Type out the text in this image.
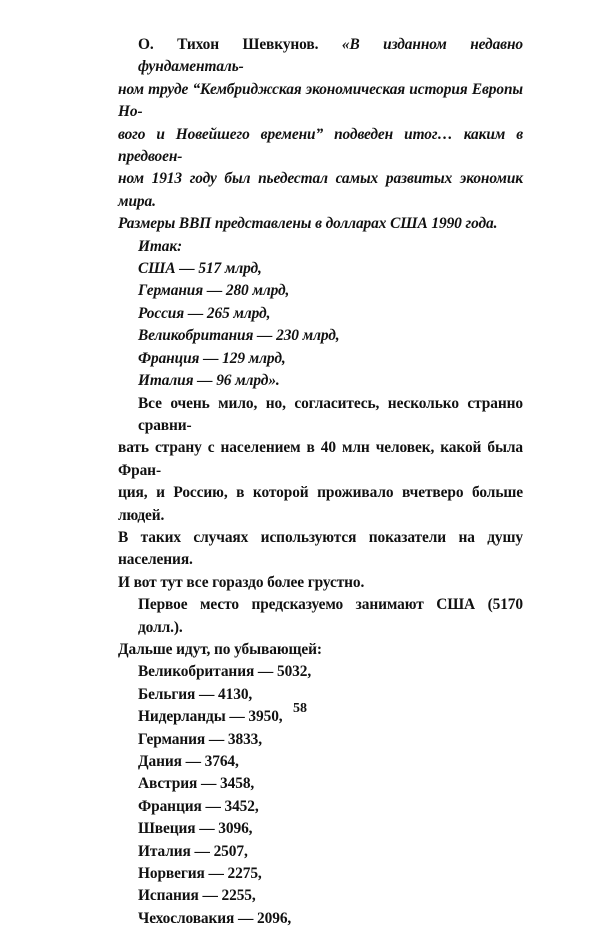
О. Тихон Шевкунов. «В изданном недавно фундаменталь-
ном труде “Кембриджская экономическая история Европы Но-
вого и Новейшего времени” подведен итог… каким в предвоен-
ном 1913 году был пьедестал самых развитых экономик мира.
Размеры ВВП представлены в долларах США 1990 года.
Итак:
США — 517 млрд,
Германия — 280 млрд,
Россия — 265 млрд,
Великобритания — 230 млрд,
Франция — 129 млрд,
Италия — 96 млрд».
Все очень мило, но, согласитесь, несколько странно сравни-
вать страну с населением в 40 млн человек, какой была Фран-
ция, и Россию, в которой проживало вчетверо больше людей.
В таких случаях используются показатели на душу населения.
И вот тут все гораздо более грустно.
Первое место предсказуемо занимают США (5170 долл.).
Дальше идут, по убывающей:
Великобритания — 5032,
Бельгия — 4130,
Нидерланды — 3950,
Германия — 3833,
Дания — 3764,
Австрия — 3458,
Франция — 3452,
Швеция — 3096,
Италия — 2507,
Норвегия — 2275,
Испания — 2255,
Чехословакия — 2096,
58
